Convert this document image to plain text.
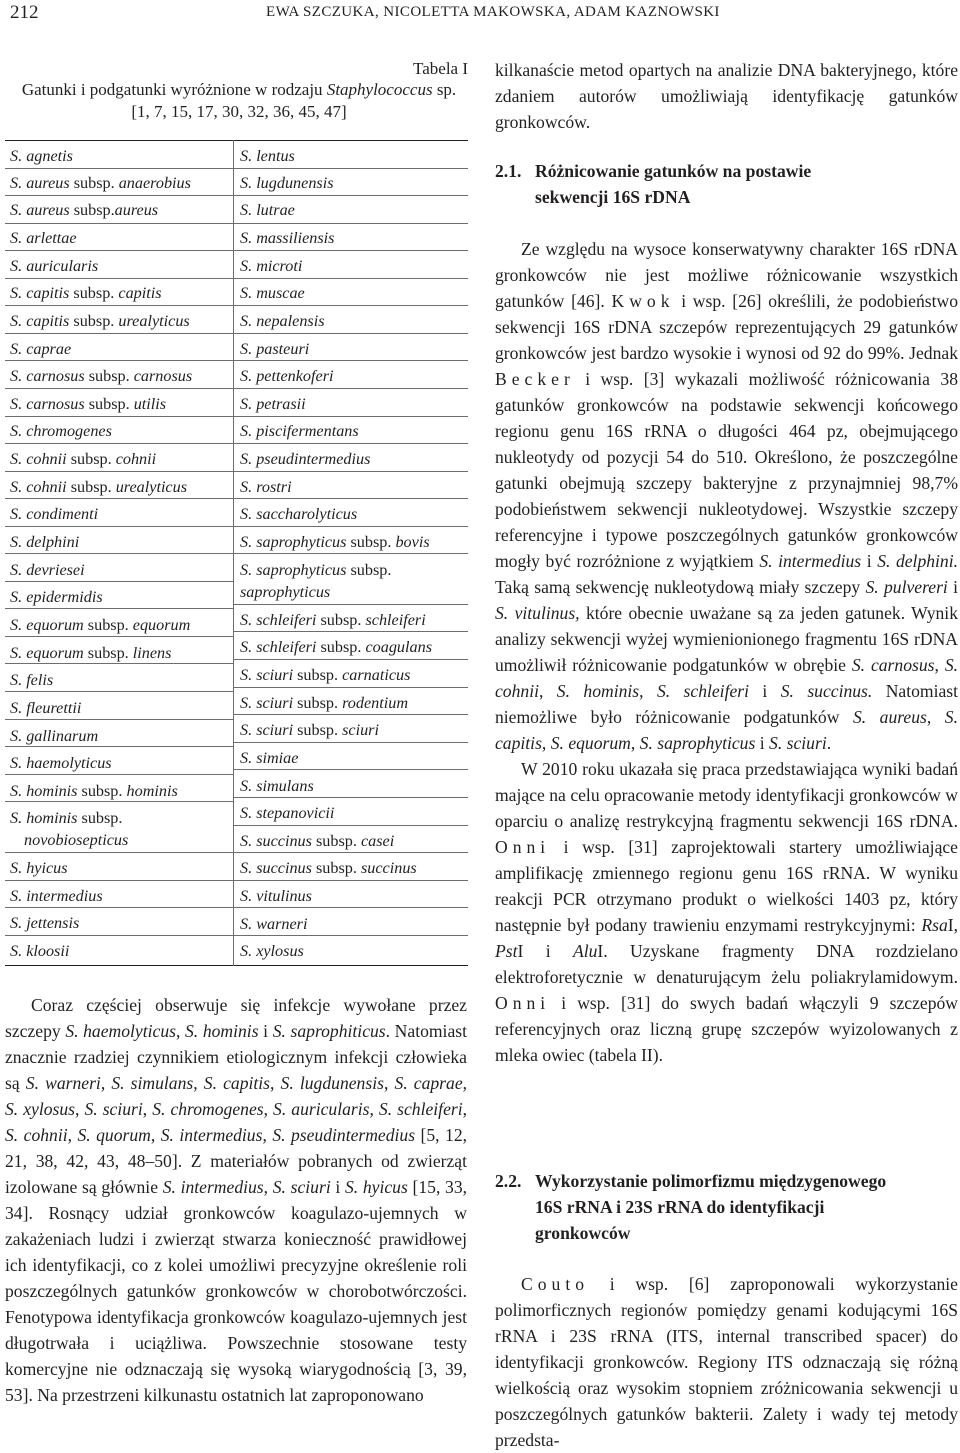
212	EWA SZCZUKA, NICOLETTA MAKOWSKA, ADAM KAZNOWSKI
Tabela I
Gatunki i podgatunki wyróżnione w rodzaju Staphylococcus sp.
[1, 7, 15, 17, 30, 32, 36, 45, 47]
S. agnetis
S. aureus subsp. anaerobius
S. aureus subsp.aureus
S. arlettae
S. auricularis
S. capitis subsp. capitis
S. capitis subsp. urealyticus
S. caprae
S. carnosus subsp. carnosus
S. carnosus subsp. utilis
S. chromogenes
S. cohnii subsp. cohnii
S. cohnii subsp. urealyticus
S. condimenti
S. delphini
S. devriesei
S. epidermidis
S. equorum subsp. equorum
S. equorum subsp. linens
S. felis
S. fleurettii
S. gallinarum
S. haemolyticus
S. hominis subsp. hominis
S. hominis subsp.
novobiosepticus
S. hyicus
S. intermedius
S. jettensis
S. kloosii
S. lentus
S. lugdunensis
S. lutrae
S. massiliensis
S. microti
S. muscae
S. nepalensis
S. pasteuri
S. pettenkoferi
S. petrasii
S. piscifermentans
S. pseudintermedius
S. rostri
S. saccharolyticus
S. saprophyticus subsp. bovis
S. saprophyticus subsp.
saprophyticus
S. schleiferi subsp. schleiferi
S. schleiferi subsp. coagulans
S. sciuri subsp. carnaticus
S. sciuri subsp. rodentium
S. sciuri subsp. sciuri
S. simiae
S. simulans
S. stepanovicii
S. succinus subsp. casei
S. succinus subsp. succinus
S. vitulinus
S. warneri
S. xylosus

Coraz częściej obserwuje się infekcje wywołane przez szczepy S. haemolyticus, S. hominis i S. saprophiticus. Natomiast znacznie rzadziej czynnikiem etiologicznym infekcji człowieka są S. warneri, S. simulans, S. capitis, S. lugdunensis, S. caprae, S. xylosus, S. sciuri, S. chromogenes, S. auricularis, S. schleiferi, S. cohnii, S. quorum, S. intermedius, S. pseudintermedius [5, 12, 21, 38, 42, 43, 48–50]. Z materiałów pobranych od zwierząt izolowane są głównie S. intermedius, S. sciuri i S. hyicus [15, 33, 34]. Rosnący udział gronkowców koagulazo-ujemnych w zakażeniach ludzi i zwierząt stwarza konieczność prawidłowej ich identyfikacji, co z kolei umożliwi precyzyjne określenie roli poszczególnych gatunków gronkowców w chorobotwórczości. Fenotypowa identyfikacja gronkowców koagulazo-ujemnych jest długotrwała i uciążliwa. Powszechnie stosowane testy komercyjne nie odznaczają się wysoką wiarygodnością [3, 39, 53]. Na przestrzeni kilkunastu ostatnich lat zaproponowano

kilkanaście metod opartych na analizie DNA bakteryjnego, które zdaniem autorów umożliwiają identyfikację gatunków gronkowców.

2.1. Różnicowanie gatunków na postawie
sekwencji 16S rDNA

Ze względu na wysoce konserwatywny charakter 16S rDNA gronkowców nie jest możliwe różnicowanie wszystkich gatunków [46]. Kwok i wsp. [26] określili, że podobieństwo sekwencji 16S rDNA szczepów reprezentujących 29 gatunków gronkowców jest bardzo wysokie i wynosi od 92 do 99%. Jednak Becker i wsp. [3] wykazali możliwość różnicowania 38 gatunków gronkowców na podstawie sekwencji końcowego regionu genu 16S rRNA o długości 464 pz, obejmującego nukleotydy od pozycji 54 do 510. Określono, że poszczególne gatunki obejmują szczepy bakteryjne z przynajmniej 98,7% podobieństwem sekwencji nukleotydowej. Wszystkie szczepy referencyjne i typowe poszczególnych gatunków gronkowców mogły być rozróżnione z wyjątkiem S. intermedius i S. delphini. Taką samą sekwencję nukleotydową miały szczepy S. pulvereri i S. vitulinus, które obecnie uważane są za jeden gatunek. Wynik analizy sekwencji wyżej wymienionionego fragmentu 16S rDNA umożliwił różnicowanie podgatunków w obrębie S. carnosus, S. cohnii, S. hominis, S. schleiferi i S. succinus. Natomiast niemożliwe było różnicowanie podgatunków S. aureus, S. capitis, S. equorum, S. saprophyticus i S. sciuri.

W 2010 roku ukazała się praca przedstawiająca wyniki badań mające na celu opracowanie metody identyfikacji gronkowców w oparciu o analizę restrykcyjną fragmentu sekwencji 16S rDNA. Onni i wsp. [31] zaprojektowali startery umożliwiające amplifikację zmiennego regionu genu 16S rRNA. W wyniku reakcji PCR otrzymano produkt o wielkości 1403 pz, który następnie był podany trawieniu enzymami restrykcyjnymi: RsaI, PstI i AluI. Uzyskane fragmenty DNA rozdzielano elektroforetycznie w denaturującym żelu poliakrylamidowym. Onni i wsp. [31] do swych badań włączyli 9 szczepów referencyjnych oraz liczną grupę szczepów wyizolowanych z mleka owiec (tabela II).

2.2. Wykorzystanie polimorfizmu międzygenowego
16S rRNA i 23S rRNA do identyfikacji
gronkowców

Couto i wsp. [6] zaproponowali wykorzystanie polimorficznych regionów pomiędzy genami kodującymi 16S rRNA i 23S rRNA (ITS, internal transcribed spacer) do identyfikacji gronkowców. Regiony ITS odznaczają się różną wielkością oraz wysokim stopniem zróżnicowania sekwencji u poszczególnych gatunków bakterii. Zalety i wady tej metody przedsta-
